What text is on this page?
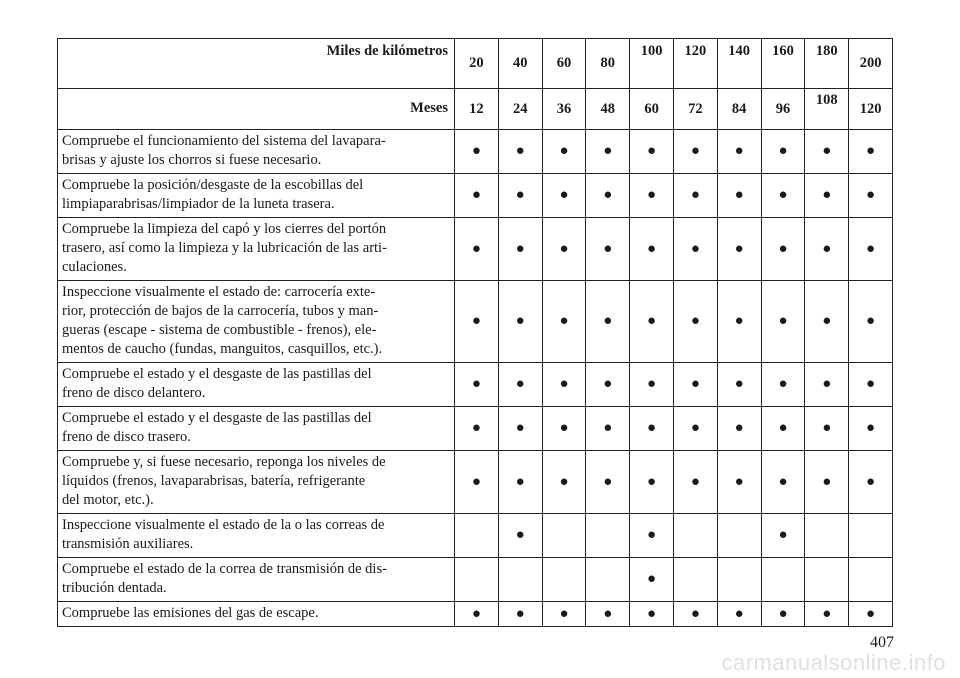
Miles de kilómetros	20	40	60	80	100	120	140	160	180	200
Meses	12	24	36	48	60	72	84	96	108	120
Compruebe el funcionamiento del sistema del lavapara-
brisas y ajuste los chorros si fuese necesario.	●	●	●	●	●	●	●	●	●	●
Compruebe la posición/desgaste de la escobillas del
limpiaparabrisas/limpiador de la luneta trasera.	●	●	●	●	●	●	●	●	●	●
Compruebe la limpieza del capó y los cierres del portón
trasero, así como la limpieza y la lubricación de las arti-
culaciones.	●	●	●	●	●	●	●	●	●	●
Inspeccione visualmente el estado de: carrocería exte-
rior, protección de bajos de la carrocería, tubos y man-
gueras (escape - sistema de combustible - frenos), ele-
mentos de caucho (fundas, manguitos, casquillos, etc.).	●	●	●	●	●	●	●	●	●	●
Compruebe el estado y el desgaste de las pastillas del
freno de disco delantero.	●	●	●	●	●	●	●	●	●	●
Compruebe el estado y el desgaste de las pastillas del
freno de disco trasero.	●	●	●	●	●	●	●	●	●	●
Compruebe y, si fuese necesario, reponga los niveles de
líquidos (frenos, lavaparabrisas, batería, refrigerante
del motor, etc.).	●	●	●	●	●	●	●	●	●	●
Inspeccione visualmente el estado de la o las correas de
transmisión auxiliares.		●			●			●		
Compruebe el estado de la correa de transmisión de dis-
tribución dentada.					●					
Compruebe las emisiones del gas de escape.	●	●	●	●	●	●	●	●	●	●
407
carmanualsonline.info
